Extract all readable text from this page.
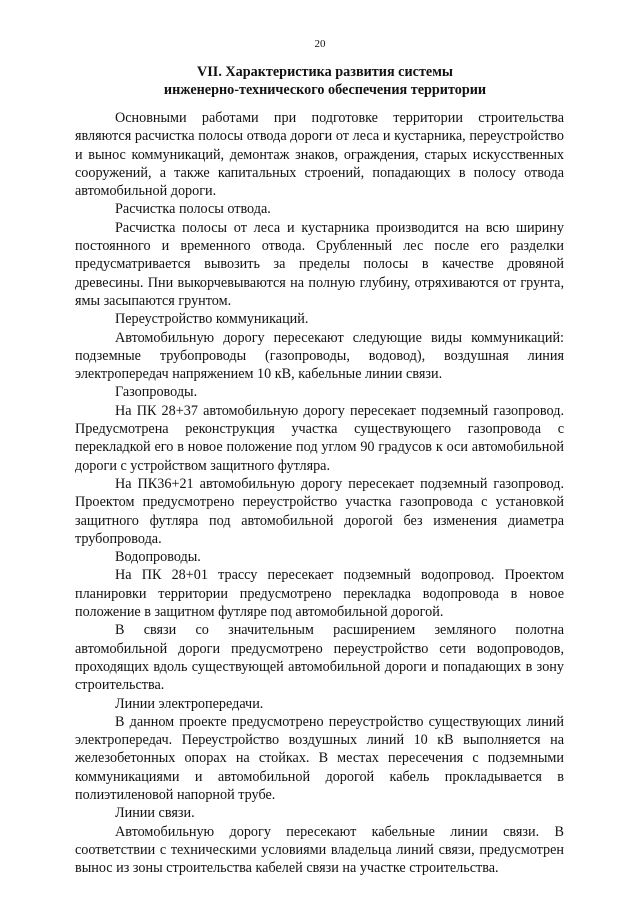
20
VII. Характеристика развития системы
инженерно-технического обеспечения территории

Основными работами при подготовке территории строительства являются расчистка полосы отвода дороги от леса и кустарника, переустройство и вынос коммуникаций, демонтаж знаков, ограждения, старых искусственных сооружений, а также капитальных строений, попадающих в полосу отвода автомобильной дороги.

Расчистка полосы отвода.

Расчистка полосы от леса и кустарника производится на всю ширину постоянного и временного отвода. Срубленный лес после его разделки предусматривается вывозить за пределы полосы в качестве дровяной древесины. Пни выкорчевываются на полную глубину, отряхиваются от грунта, ямы засыпаются грунтом.

Переустройство коммуникаций.

Автомобильную дорогу пересекают следующие виды коммуникаций: подземные трубопроводы (газопроводы, водовод), воздушная линия электропередач напряжением 10 кВ, кабельные линии связи.

Газопроводы.

На ПК 28+37 автомобильную дорогу пересекает подземный газопровод. Предусмотрена реконструкция участка существующего газопровода с перекладкой его в новое положение под углом 90 градусов к оси автомобильной дороги с устройством защитного футляра.

На ПК36+21 автомобильную дорогу пересекает подземный газопровод. Проектом предусмотрено переустройство участка газопровода с установкой защитного футляра под автомобильной дорогой без изменения диаметра трубопровода.

Водопроводы.

На ПК 28+01 трассу пересекает подземный водопровод. Проектом планировки территории предусмотрено перекладка водопровода в новое положение в защитном футляре под автомобильной дорогой.

В связи со значительным расширением земляного полотна автомобильной дороги предусмотрено переустройство сети водопроводов, проходящих вдоль существующей автомобильной дороги и попадающих в зону строительства.

Линии электропередачи.

В данном проекте предусмотрено переустройство существующих линий электропередач. Переустройство воздушных линий 10 кВ выполняется на железобетонных опорах на стойках. В местах пересечения с подземными коммуникациями и автомобильной дорогой кабель прокладывается в полиэтиленовой напорной трубе.

Линии связи.

Автомобильную дорогу пересекают кабельные линии связи. В соответствии с техническими условиями владельца линий связи, предусмотрен вынос из зоны строительства кабелей связи на участке строительства.
